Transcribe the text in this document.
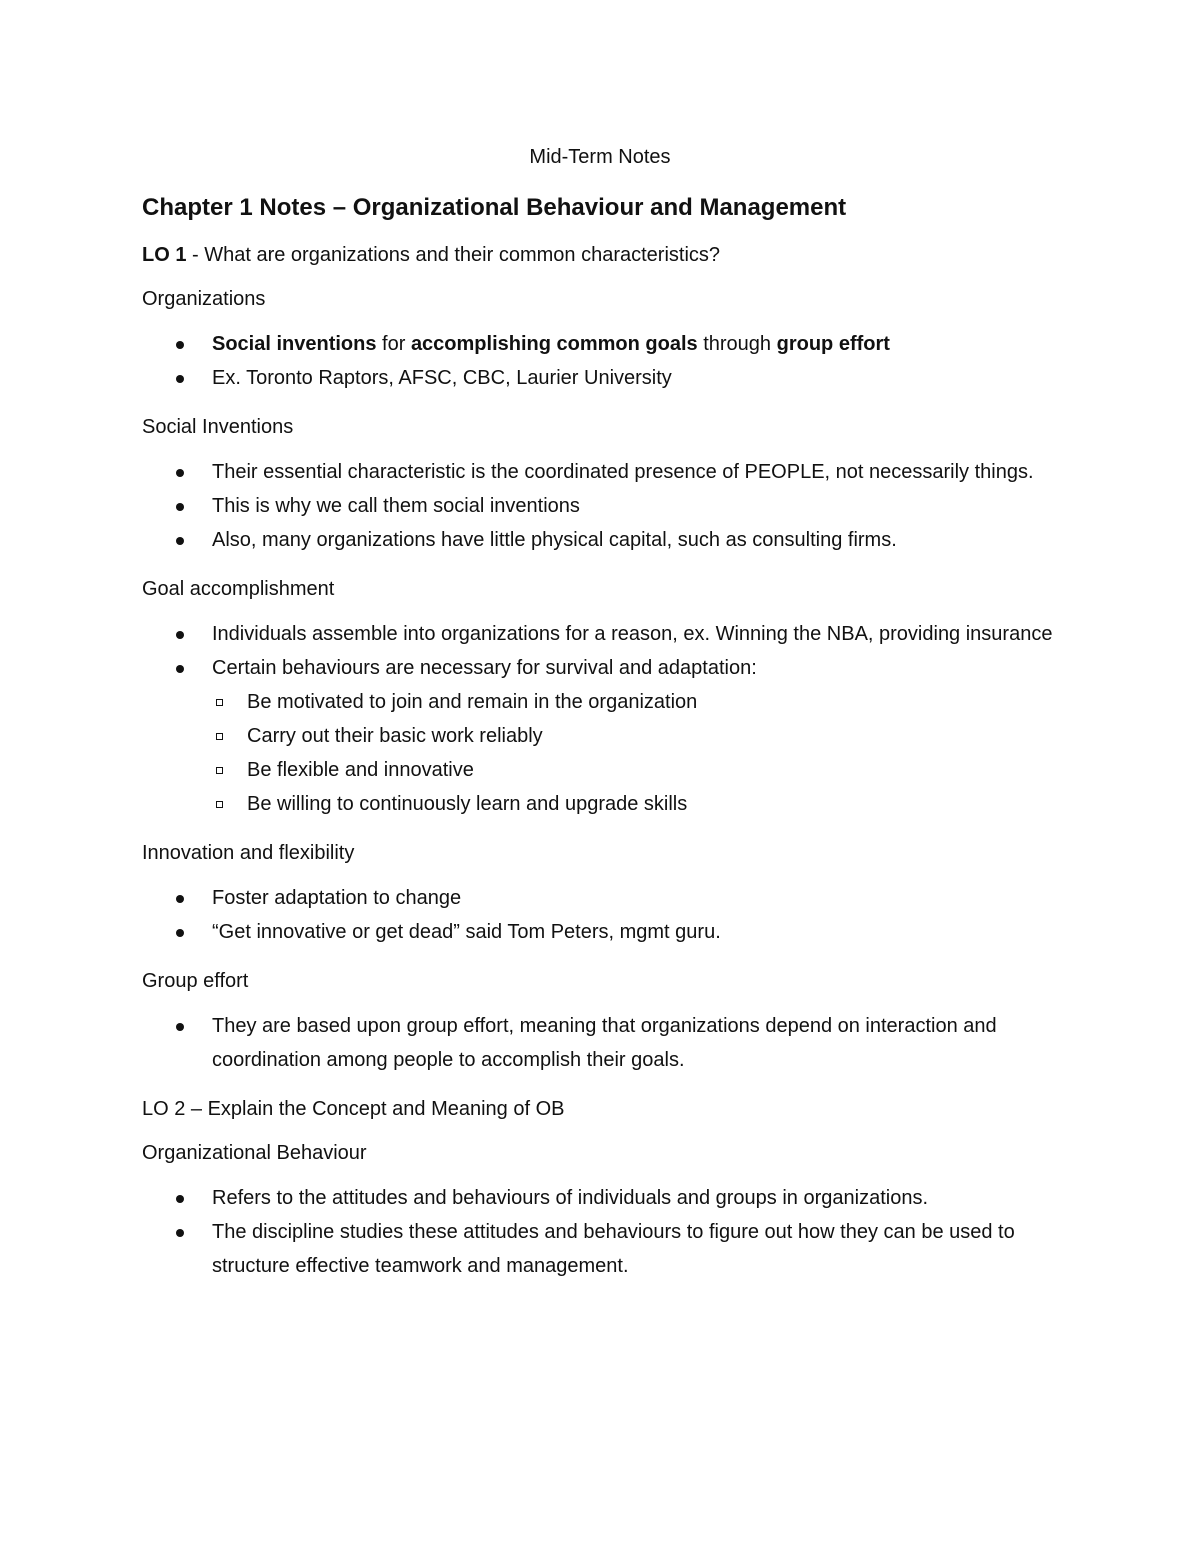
Mid-Term Notes
Chapter 1 Notes – Organizational Behaviour and Management
LO 1 - What are organizations and their common characteristics?
Organizations
Social inventions for accomplishing common goals through group effort
Ex. Toronto Raptors, AFSC, CBC, Laurier University
Social Inventions
Their essential characteristic is the coordinated presence of PEOPLE, not necessarily things.
This is why we call them social inventions
Also, many organizations have little physical capital, such as consulting firms.
Goal accomplishment
Individuals assemble into organizations for a reason, ex. Winning the NBA, providing insurance
Certain behaviours are necessary for survival and adaptation:
Be motivated to join and remain in the organization
Carry out their basic work reliably
Be flexible and innovative
Be willing to continuously learn and upgrade skills
Innovation and flexibility
Foster adaptation to change
“Get innovative or get dead” said Tom Peters, mgmt guru.
Group effort
They are based upon group effort, meaning that organizations depend on interaction and coordination among people to accomplish their goals.
LO 2 – Explain the Concept and Meaning of OB
Organizational Behaviour
Refers to the attitudes and behaviours of individuals and groups in organizations.
The discipline studies these attitudes and behaviours to figure out how they can be used to structure effective teamwork and management.
